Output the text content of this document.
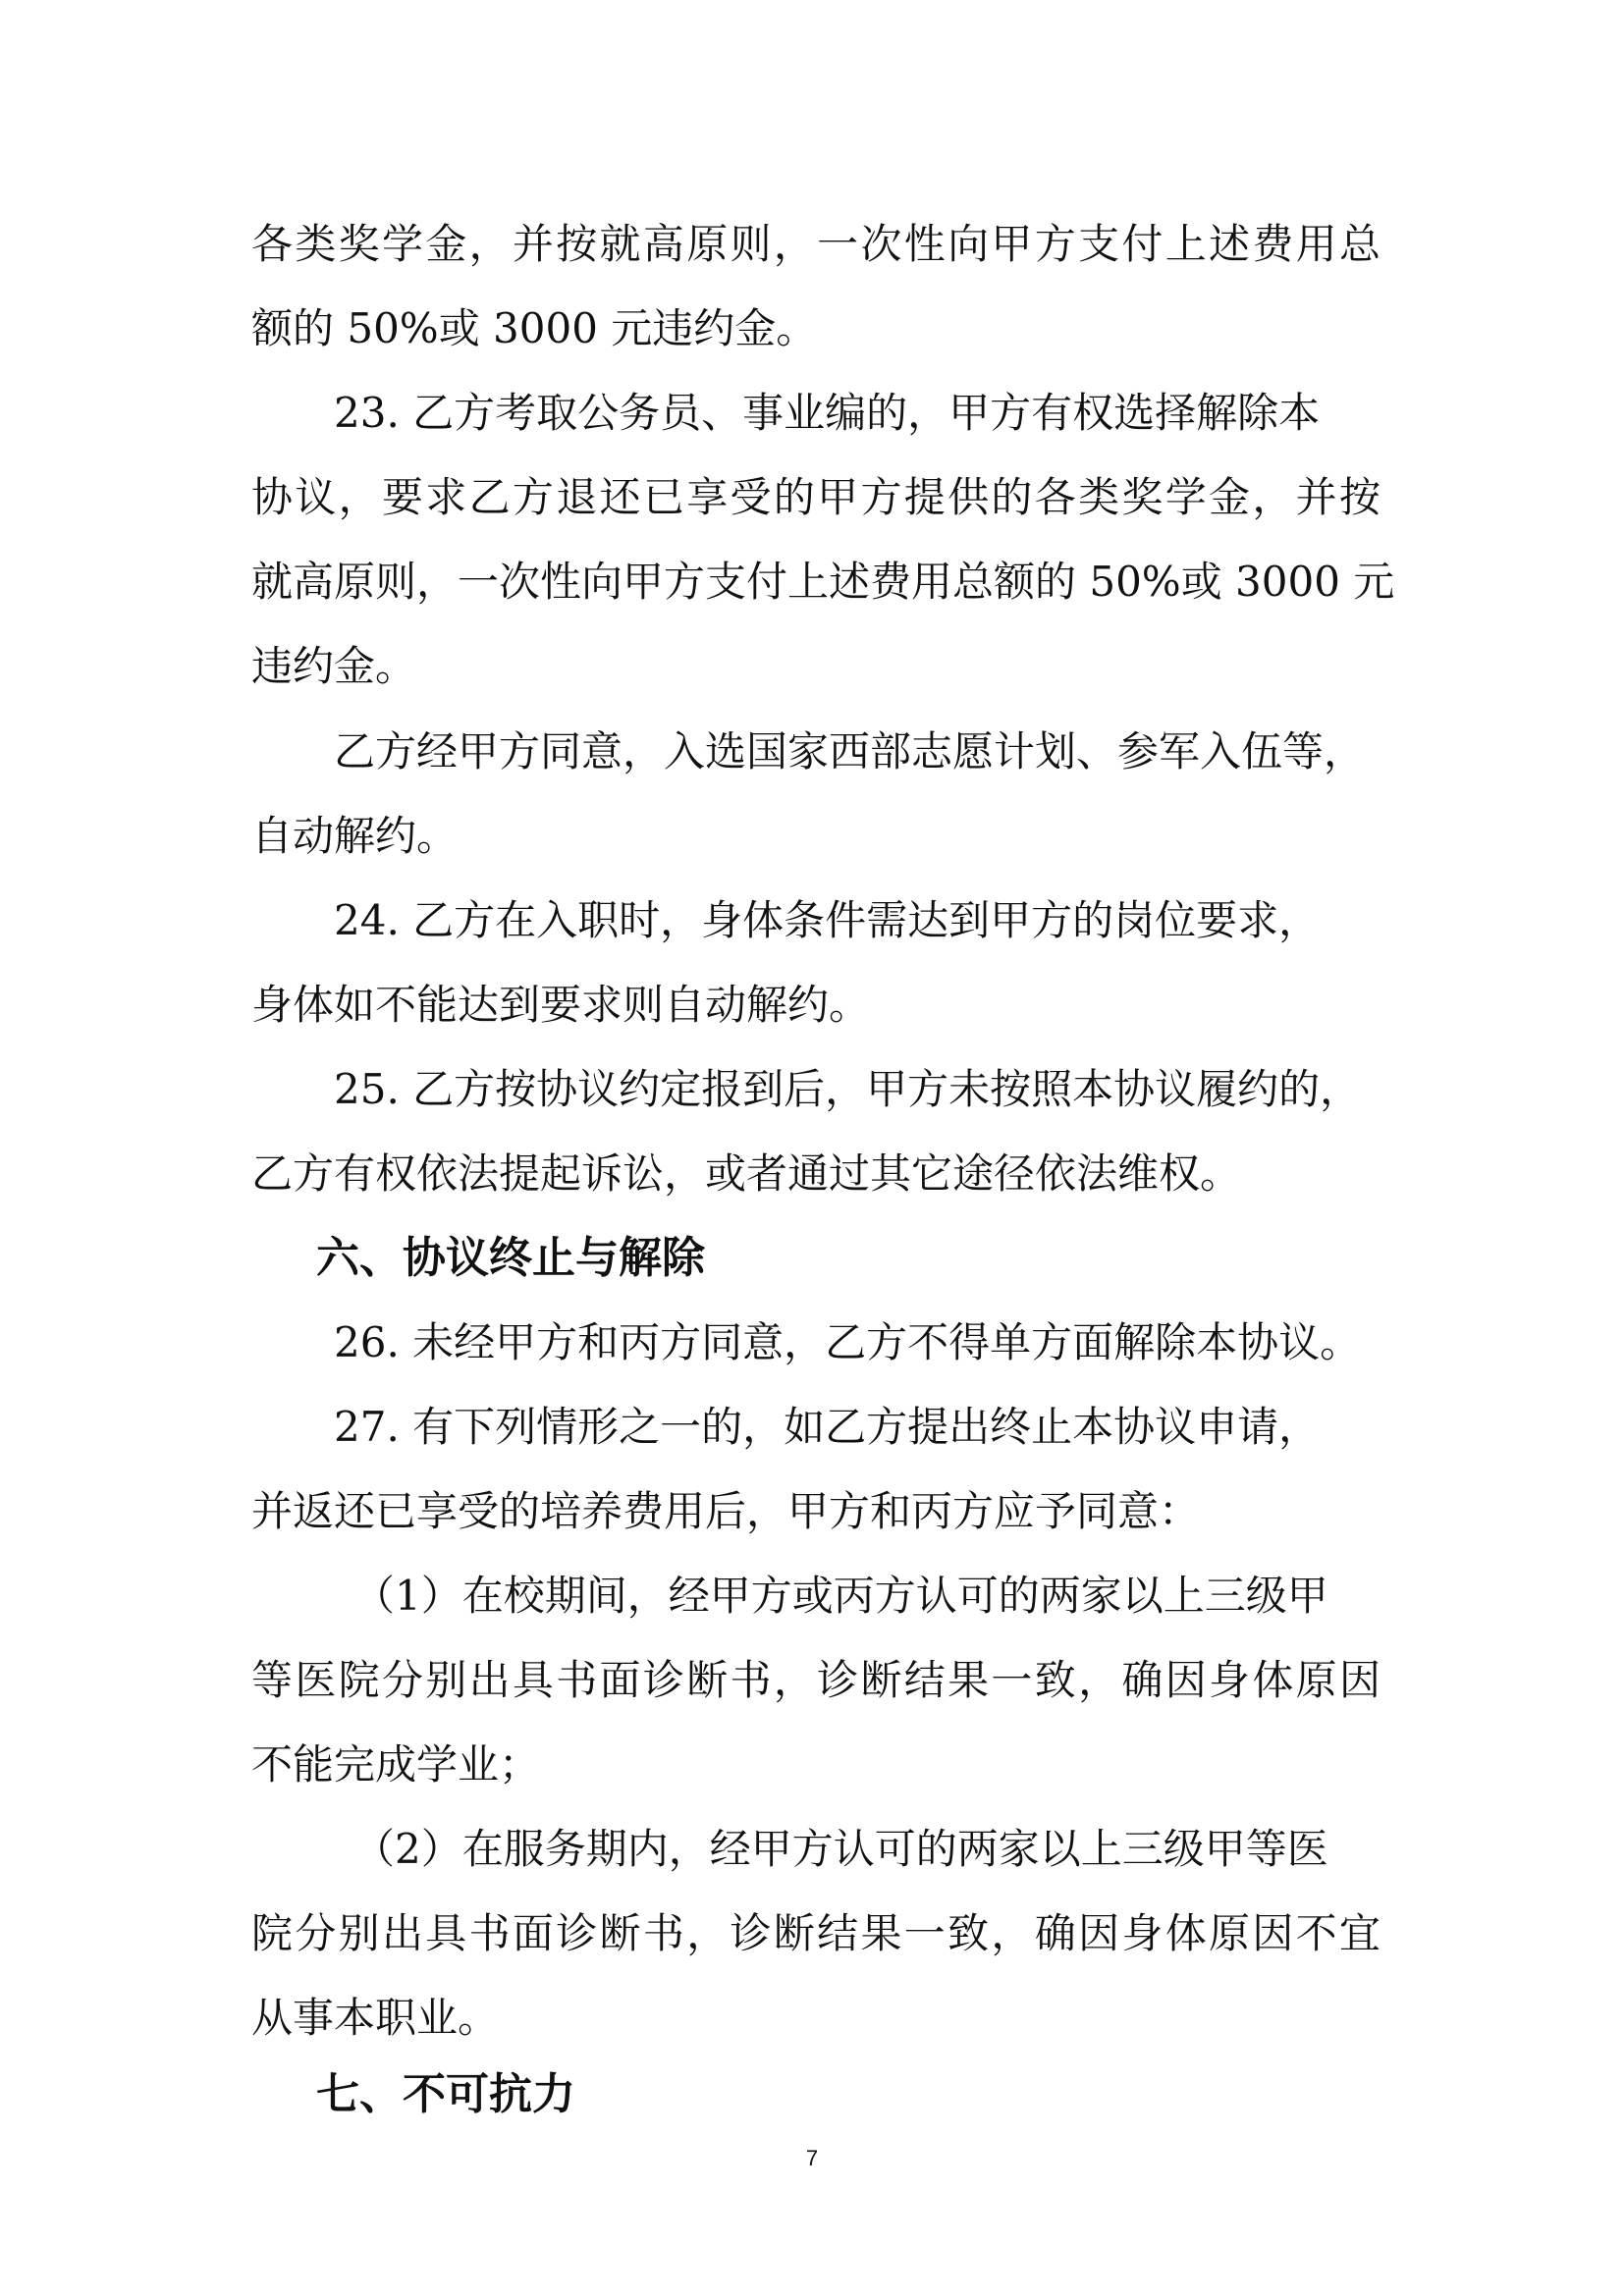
各类奖学金，并按就高原则，一次性向甲方支付上述费用总
额的 50%或 3000 元违约金。
23. 乙方考取公务员、事业编的，甲方有权选择解除本
协议，要求乙方退还已享受的甲方提供的各类奖学金，并按
就高原则，一次性向甲方支付上述费用总额的 50%或 3000 元
违约金。
乙方经甲方同意，入选国家西部志愿计划、参军入伍等，
自动解约。
24. 乙方在入职时，身体条件需达到甲方的岗位要求，
身体如不能达到要求则自动解约。
25. 乙方按协议约定报到后，甲方未按照本协议履约的，
乙方有权依法提起诉讼，或者通过其它途径依法维权。
六、协议终止与解除
26. 未经甲方和丙方同意，乙方不得单方面解除本协议。
27. 有下列情形之一的，如乙方提出终止本协议申请，
并返还已享受的培养费用后，甲方和丙方应予同意：
（1）在校期间，经甲方或丙方认可的两家以上三级甲
等医院分别出具书面诊断书，诊断结果一致，确因身体原因
不能完成学业；
（2）在服务期内，经甲方认可的两家以上三级甲等医
院分别出具书面诊断书，诊断结果一致，确因身体原因不宜
从事本职业。
七、不可抗力
7
